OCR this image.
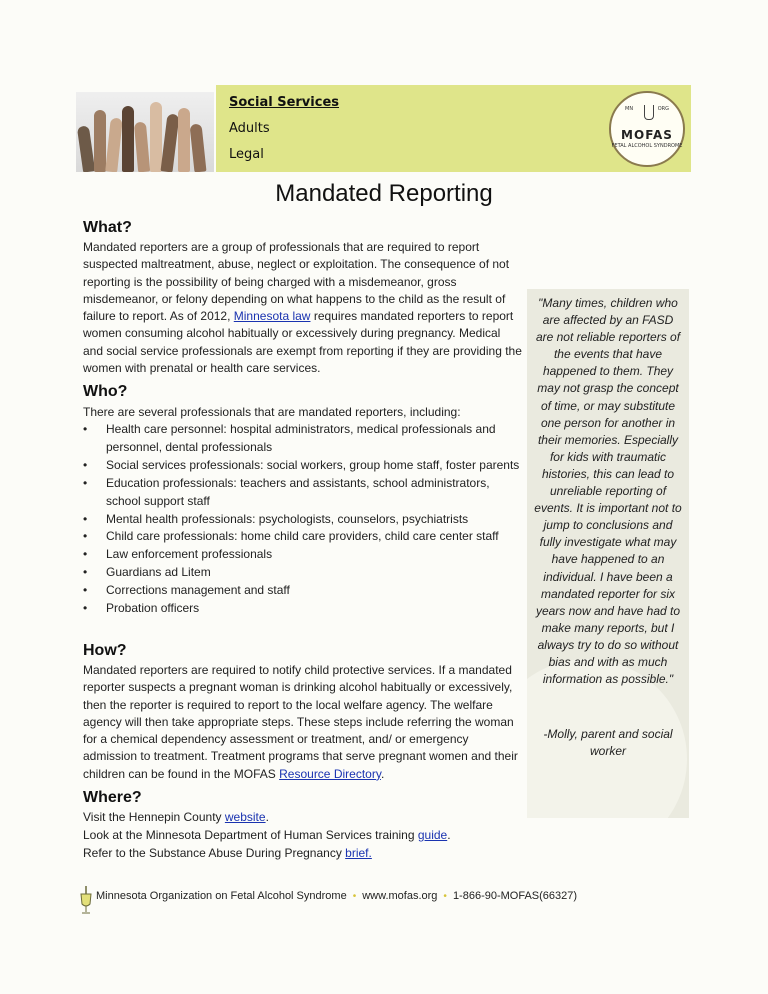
Social Services
Adults
Legal
MN	ORG
MOFAS
FETAL ALCOHOL SYNDROME
Mandated Reporting
What?
Mandated reporters are a group of professionals that are required to report suspected maltreatment, abuse, neglect or exploitation. The consequence of not reporting is the possibility of being charged with a misdemeanor, gross misdemeanor, or felony depending on what happens to the child as the result of failure to report. As of 2012, Minnesota law requires mandated reporters to report women consuming alcohol habitually or excessively during pregnancy. Medical and social service professionals are exempt from reporting if they are providing the women with prenatal or health care services.
Who?
There are several professionals that are mandated reporters, including:
• Health care personnel: hospital administrators, medical professionals and personnel, dental professionals
• Social services professionals: social workers, group home staff, foster parents
• Education professionals: teachers and assistants, school administrators, school support staff
• Mental health professionals: psychologists, counselors, psychiatrists
• Child care professionals: home child care providers, child care center staff
• Law enforcement professionals
• Guardians ad Litem
• Corrections management and staff
• Probation officers
How?
Mandated reporters are required to notify child protective services. If a mandated reporter suspects a pregnant woman is drinking alcohol habitually or excessively, then the reporter is required to report to the local welfare agency. The welfare agency will then take appropriate steps. These steps include referring the woman for a chemical dependency assessment or treatment, and/ or emergency admission to treatment. Treatment programs that serve pregnant women and their children can be found in the MOFAS Resource Directory.
Where?
Visit the Hennepin County website.
Look at the Minnesota Department of Human Services training guide.
Refer to the Substance Abuse During Pregnancy brief.
"Many times, children who are affected by an FASD are not reliable reporters of the events that have happened to them. They may not grasp the concept of time, or may substitute one person for another in their memories. Especially for kids with traumatic histories, this can lead to unreliable reporting of events. It is important not to jump to conclusions and fully investigate what may have happened to an individual. I have been a mandated reporter for six years now and have had to make many reports, but I always try to do so without bias and with as much information as possible."
-Molly, parent and social worker
Minnesota Organization on Fetal Alcohol Syndrome • www.mofas.org • 1-866-90-MOFAS(66327)
